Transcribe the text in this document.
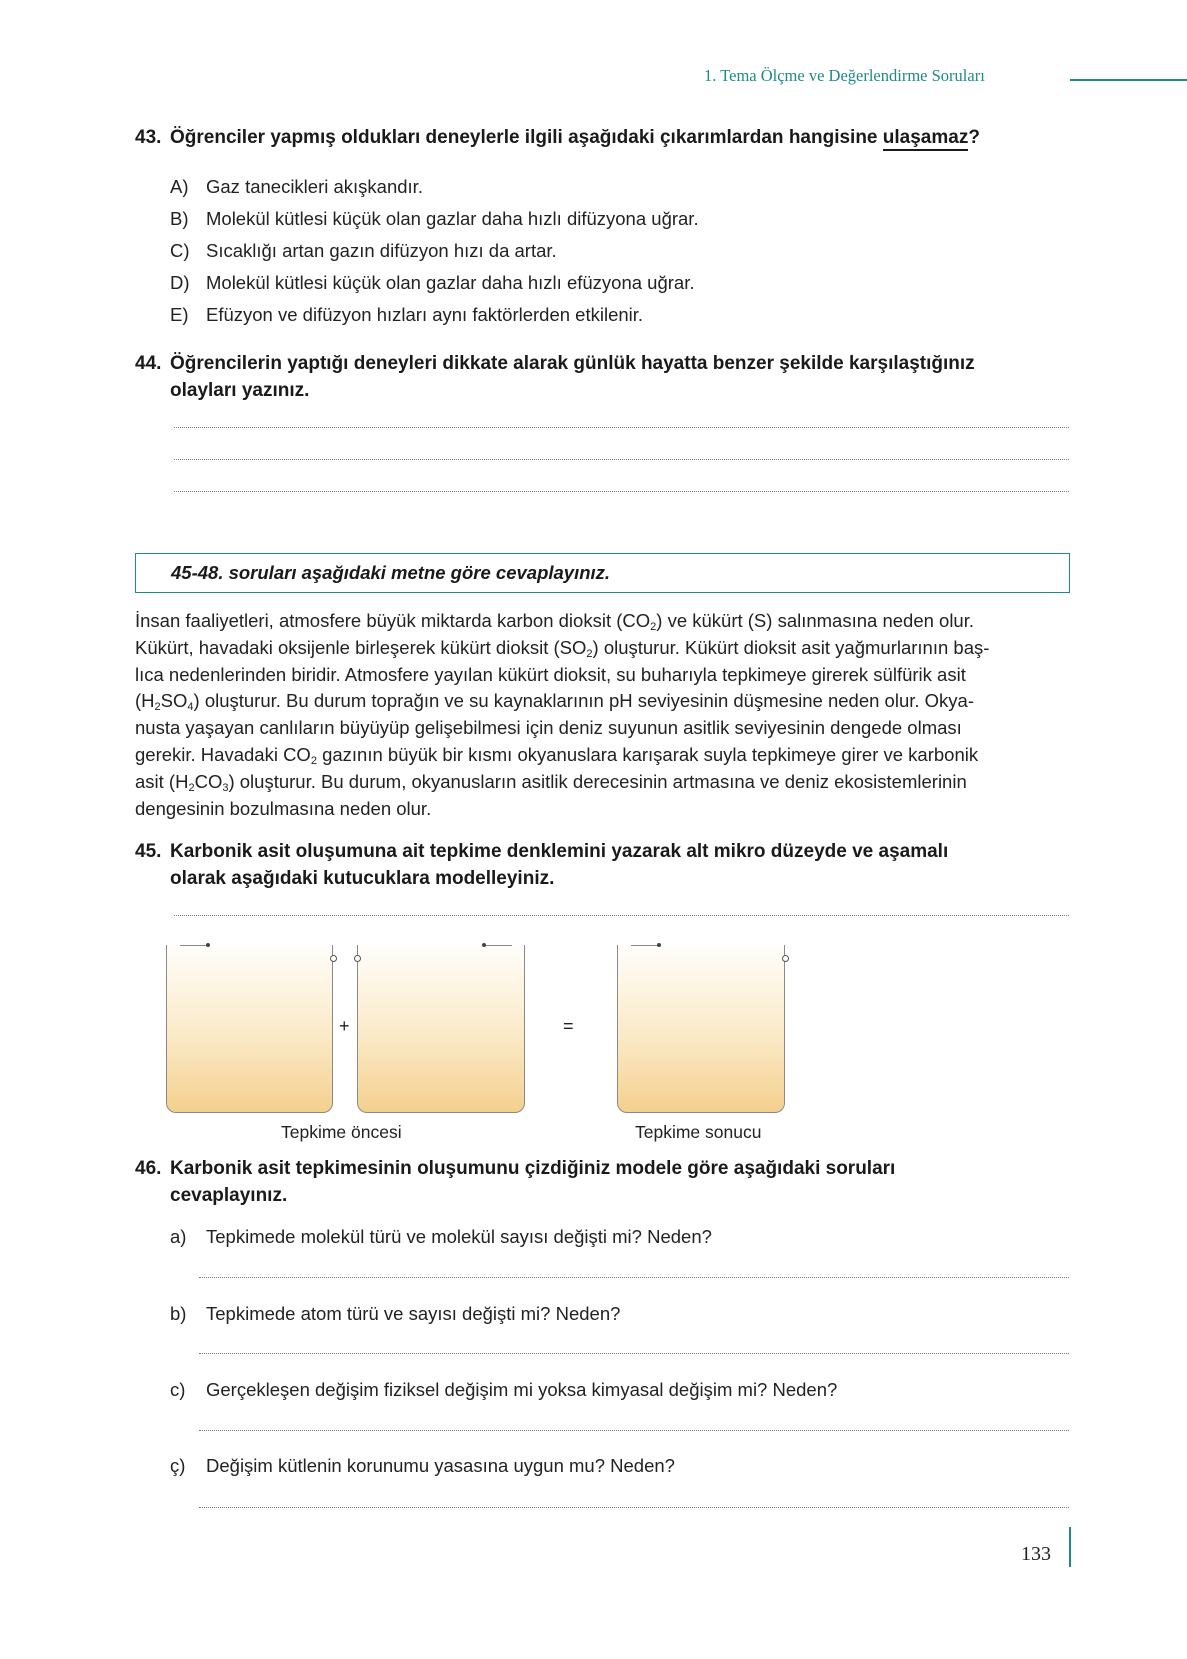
1. Tema Ölçme ve Değerlendirme Soruları
43. Öğrenciler yapmış oldukları deneylerle ilgili aşağıdaki çıkarımlardan hangisine ulaşamaz?
A) Gaz tanecikleri akışkandır.
B) Molekül kütlesi küçük olan gazlar daha hızlı difüzyona uğrar.
C) Sıcaklığı artan gazın difüzyon hızı da artar.
D) Molekül kütlesi küçük olan gazlar daha hızlı efüzyona uğrar.
E) Efüzyon ve difüzyon hızları aynı faktörlerden etkilenir.
44. Öğrencilerin yaptığı deneyleri dikkate alarak günlük hayatta benzer şekilde karşılaştığınız
olayları yazınız.
45-48. soruları aşağıdaki metne göre cevaplayınız.
İnsan faaliyetleri, atmosfere büyük miktarda karbon dioksit $(CO_2)$ ve kükürt (S) salınmasına neden olur.
Kükürt, havadaki oksijenle birleşerek kükürt dioksit $(SO_2)$ oluşturur. Kükürt dioksit asit yağmurlarının baş-
lıca nedenlerinden biridir. Atmosfere yayılan kükürt dioksit, su buharıyla tepkimeye girerek sülfürik asit
$(H_2SO_4)$ oluşturur. Bu durum toprağın ve su kaynaklarının pH seviyesinin düşmesine neden olur. Okya-
nusta yaşayan canlıların büyüyüp gelişebilmesi için deniz suyunun asitlik seviyesinin dengede olması
gerekir. Havadaki $CO_2$ gazının büyük bir kısmı okyanuslara karışarak suyla tepkimeye girer ve karbonik
asit $(H_2CO_3)$ oluşturur. Bu durum, okyanusların asitlik derecesinin artmasına ve deniz ekosistemlerinin
dengesinin bozulmasına neden olur.
45. Karbonik asit oluşumuna ait tepkime denklemini yazarak alt mikro düzeyde ve aşamalı
olarak aşağıdaki kutucuklara modelleyiniz.
+	=
Tepkime öncesi	Tepkime sonucu
46. Karbonik asit tepkimesinin oluşumunu çizdiğiniz modele göre aşağıdaki soruları
cevaplayınız.
a) Tepkimede molekül türü ve molekül sayısı değişti mi? Neden?
b) Tepkimede atom türü ve sayısı değişti mi? Neden?
c) Gerçekleşen değişim fiziksel değişim mi yoksa kimyasal değişim mi? Neden?
ç) Değişim kütlenin korunumu yasasına uygun mu? Neden?
133
